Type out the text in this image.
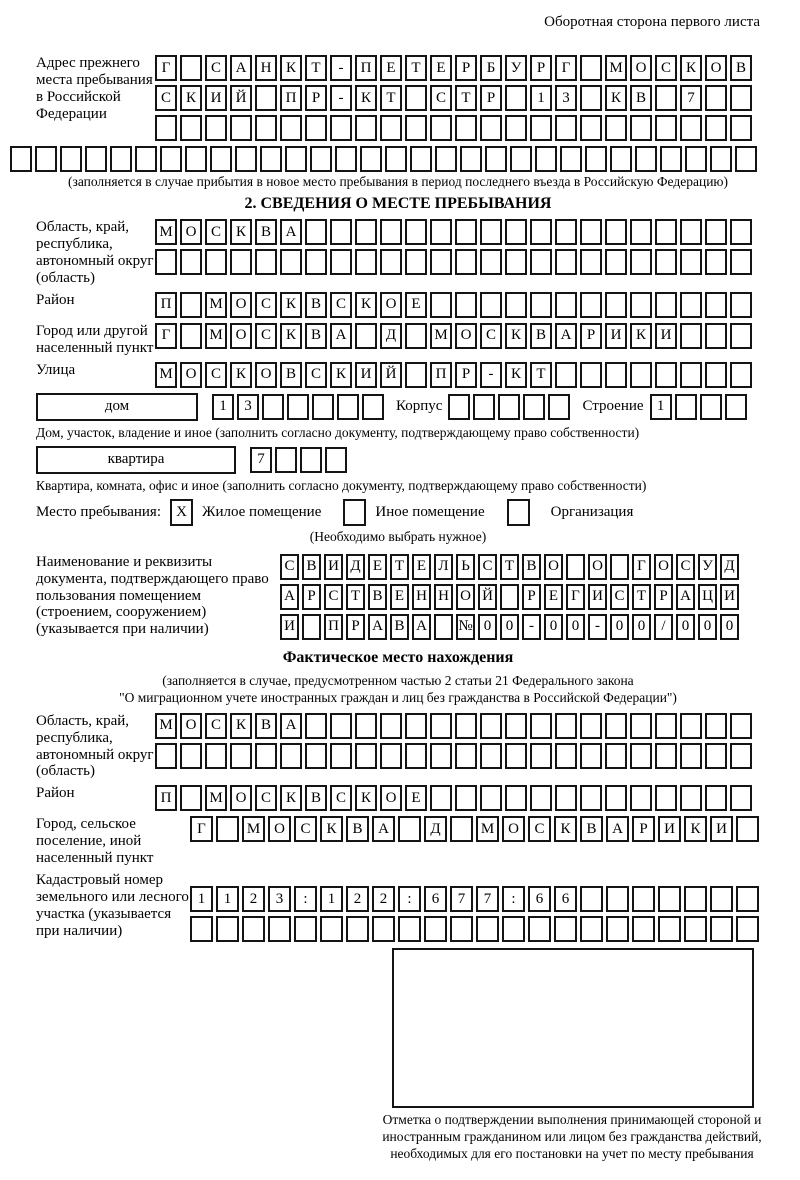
Оборотная сторона первого листа
Адрес прежнего места пребывания в Российской Федерации
Г	С А Н К	Т	-	П Е	Т	Е	Р	Б	У	Р	Г	М О С К О В
С К И Й	П	Р	-	К	Т	С	Т	Р	1	3	К В	7
(заполняется в случае прибытия в новое место пребывания в период последнего въезда в Российскую Федерацию)
2. СВЕДЕНИЯ О МЕСТЕ ПРЕБЫВАНИЯ
Область, край, республика, автономный округ (область)
М О С К В А
Район	П	М О С К В С К О Е
Город или другой населенный пункт
Г	М О С К В А	Д	М О С К В А	Р	И К И
Улица	М О С К О В С К И Й	П	Р	-	К	Т
дом	1	3	Корпус	Строение 1
Дом, участок, владение и иное (заполнить согласно документу, подтверждающему право собственности)
квартира	7
Квартира, комната, офис и иное (заполнить согласно документу, подтверждающему право собственности)
Место пребывания:	X	Жилое помещение	Иное помещение	Организация
(Необходимо выбрать нужное)
Наименование и реквизиты документа, подтверждающего право пользования помещением (строением, сооружением) (указывается при наличии)
С В И Д Е Т Е Л Ь С Т В О О	Г О С У Д
А Р С Т В Е Н Н О Й	Р Е Г И С Т Р А Ц И
И П Р А В А № 0 0	-	0 0	-	0 0	/	0 0 0
Фактическое место нахождения
(заполняется в случае, предусмотренном частью 2 статьи 21 Федерального закона
"О миграционном учете иностранных граждан и лиц без гражданства в Российской Федерации")
Область, край, республика, автономный округ (область)
М О С К В А
Район	П	М О С К В С К О Е
Город, сельское поселение, иной населенный пункт
Г	М О	С	К	В	А	Д	М О	С	К	В	А	Р	И	К	И
Кадастровый номер земельного или лесного участка (указывается при наличии)
1	1	2	3	:	1	2	2	:	6	7	7	:	6	6
Отметка о подтверждении выполнения принимающей стороной и иностранным гражданином или лицом без гражданства действий, необходимых для его постановки на учет по месту пребывания
